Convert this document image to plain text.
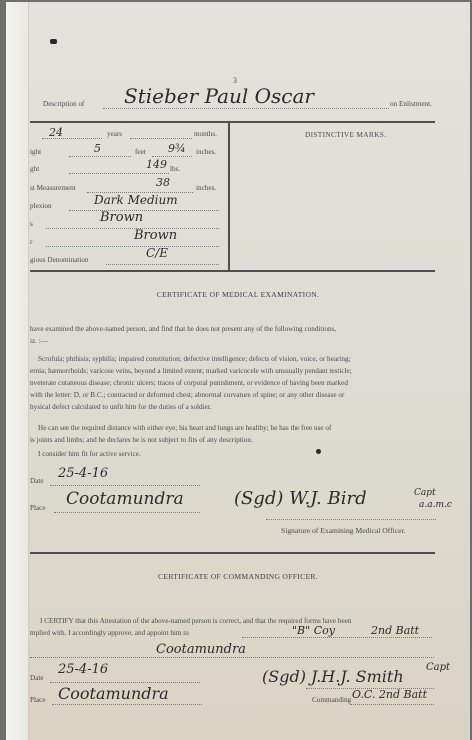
3
Description of Stieber Paul Oscar	on Enlistment.
DISTINCTIVE MARKS.
24	years	months.
ight	5	feet 9¾ inches.
ght	149 lbs.
st Measurement	38	inches.
plexion	Dark Medium
s	Brown
r	Brown
gious Denomination	C/E
CERTIFICATE OF MEDICAL EXAMINATION.
have examined the above-named person, and find that he does not present any of the following conditions,
iz. :—
Scrofula; phthisis; syphilis; impaired constitution; defective intelligence; defects of vision, voice, or hearing;
ernia; hæmorrhoids; varicose veins, beyond a limited extent; marked varicocele with unusually pendant testicle;
nveterate cutaneous disease; chronic ulcers; traces of corporal punishment, or evidence of having been marked
with the letter: D, or B.C.; contracted or deformed chest; abnormal curvature of spine; or any other disease or
hysical defect calculated to unfit him for the duties of a soldier.
He can see the required distance with either eye; his heart and lungs are healthy; he has the free use of
is joints and limbs; and he declares he is not subject to fits of any description.
I consider him fit for active service.
Date 25-4-16
Place Cootamundra	(Sgd) W.J. Bird	Capt
a.a.m.c
Signature of Examining Medical Officer.
CERTIFICATE OF COMMANDING OFFICER.
I CERTIFY that this Attestation of the above-named person is correct, and that the required forms have been
mplied with. I accordingly approve, and appoint him to	"B" Coy	2nd Batt
Cootamundra
Date
25-4-16
Place Cootamundra
(Sgd) J.H.J. Smith Capt
Commanding O.C. 2nd Batt
